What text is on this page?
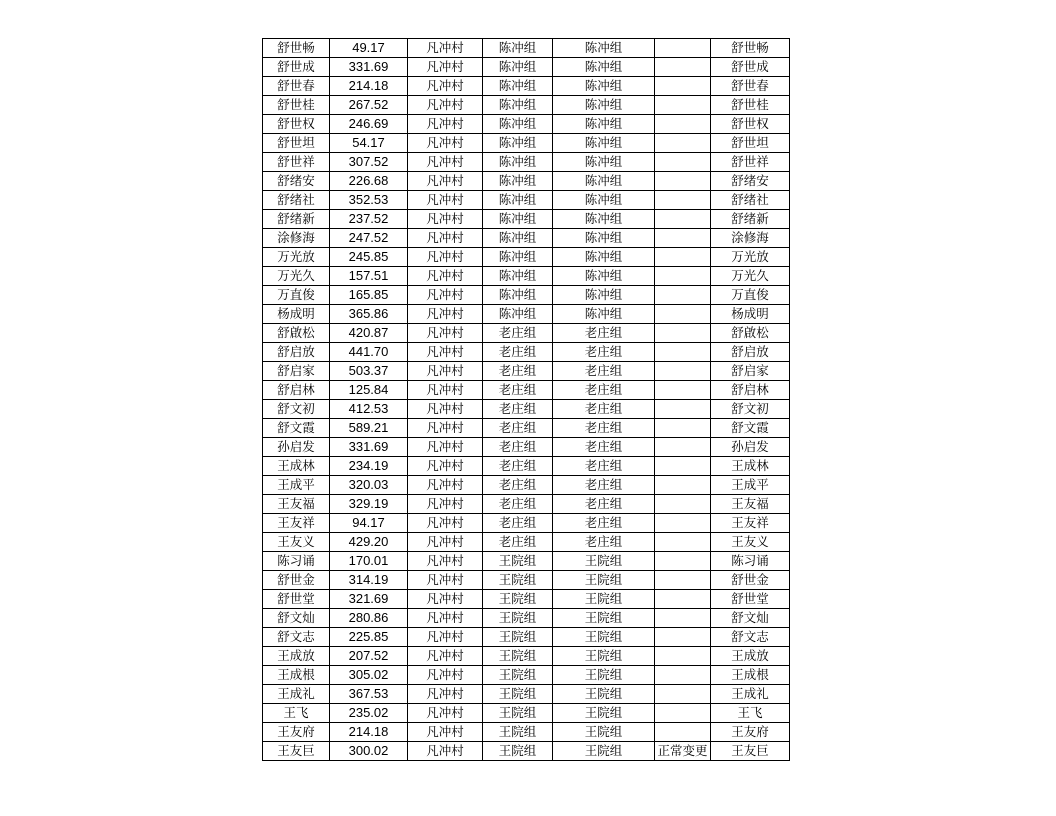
舒世畅	49.17	凡冲村	陈冲组	陈冲组		舒世畅
舒世成	331.69	凡冲村	陈冲组	陈冲组		舒世成
舒世春	214.18	凡冲村	陈冲组	陈冲组		舒世春
舒世桂	267.52	凡冲村	陈冲组	陈冲组		舒世桂
舒世权	246.69	凡冲村	陈冲组	陈冲组		舒世权
舒世坦	54.17	凡冲村	陈冲组	陈冲组		舒世坦
舒世祥	307.52	凡冲村	陈冲组	陈冲组		舒世祥
舒绪安	226.68	凡冲村	陈冲组	陈冲组		舒绪安
舒绪社	352.53	凡冲村	陈冲组	陈冲组		舒绪社
舒绪新	237.52	凡冲村	陈冲组	陈冲组		舒绪新
涂修海	247.52	凡冲村	陈冲组	陈冲组		涂修海
万光放	245.85	凡冲村	陈冲组	陈冲组		万光放
万光久	157.51	凡冲村	陈冲组	陈冲组		万光久
万直俊	165.85	凡冲村	陈冲组	陈冲组		万直俊
杨成明	365.86	凡冲村	陈冲组	陈冲组		杨成明
舒啟松	420.87	凡冲村	老庄组	老庄组		舒啟松
舒启放	441.70	凡冲村	老庄组	老庄组		舒启放
舒启家	503.37	凡冲村	老庄组	老庄组		舒启家
舒启林	125.84	凡冲村	老庄组	老庄组		舒启林
舒文初	412.53	凡冲村	老庄组	老庄组		舒文初
舒文霞	589.21	凡冲村	老庄组	老庄组		舒文霞
孙启发	331.69	凡冲村	老庄组	老庄组		孙启发
王成林	234.19	凡冲村	老庄组	老庄组		王成林
王成平	320.03	凡冲村	老庄组	老庄组		王成平
王友福	329.19	凡冲村	老庄组	老庄组		王友福
王友祥	94.17	凡冲村	老庄组	老庄组		王友祥
王友义	429.20	凡冲村	老庄组	老庄组		王友义
陈习诵	170.01	凡冲村	王院组	王院组		陈习诵
舒世金	314.19	凡冲村	王院组	王院组		舒世金
舒世堂	321.69	凡冲村	王院组	王院组		舒世堂
舒文灿	280.86	凡冲村	王院组	王院组		舒文灿
舒文志	225.85	凡冲村	王院组	王院组		舒文志
王成放	207.52	凡冲村	王院组	王院组		王成放
王成根	305.02	凡冲村	王院组	王院组		王成根
王成礼	367.53	凡冲村	王院组	王院组		王成礼
王飞	235.02	凡冲村	王院组	王院组		王飞
王友府	214.18	凡冲村	王院组	王院组		王友府
王友巨	300.02	凡冲村	王院组	王院组	正常变更	王友巨
